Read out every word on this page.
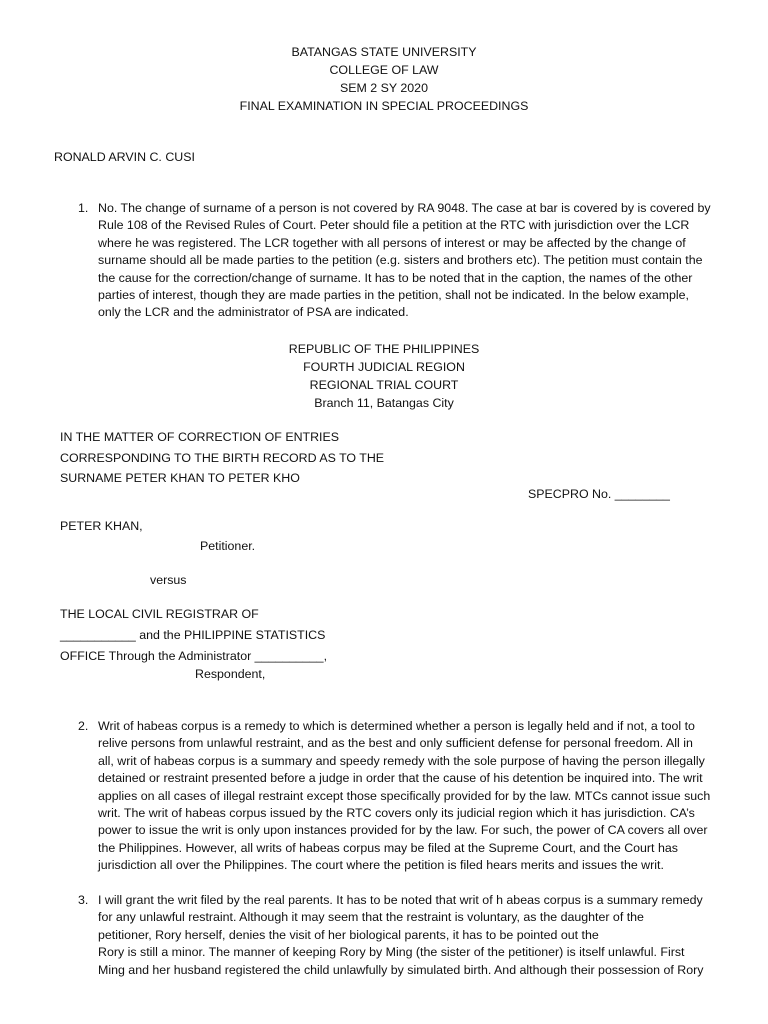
BATANGAS STATE UNIVERSITY
COLLEGE OF LAW
SEM 2 SY 2020
FINAL EXAMINATION IN SPECIAL PROCEEDINGS
RONALD ARVIN C. CUSI
1. No. The change of surname of a person is not covered by RA 9048. The case at bar is covered by is covered by
Rule 108 of the Revised Rules of Court. Peter should file a petition at the RTC with jurisdiction over the LCR
where he was registered. The LCR together with all persons of interest or may be affected by the change of
surname should all be made parties to the petition (e.g. sisters and brothers etc). The petition must contain the
the cause for the correction/change of surname. It has to be noted that in the caption, the names of the other
parties of interest, though they are made parties in the petition, shall not be indicated. In the below example,
only the LCR and the administrator of PSA are indicated.
REPUBLIC OF THE PHILIPPINES
FOURTH JUDICIAL REGION
REGIONAL TRIAL COURT
Branch 11, Batangas City
IN THE MATTER OF CORRECTION OF ENTRIES
CORRESPONDING TO THE BIRTH RECORD AS TO THE
SURNAME PETER KHAN TO PETER KHO
SPECPRO No. ________
PETER KHAN,
Petitioner.
versus
THE LOCAL CIVIL REGISTRAR OF
___________ and the PHILIPPINE STATISTICS
OFFICE Through the Administrator __________,
Respondent,
2. Writ of habeas corpus is a remedy to which is determined whether a person is legally held and if not, a tool to
relive persons from unlawful restraint, and as the best and only sufficient defense for personal freedom. All in
all, writ of habeas corpus is a summary and speedy remedy with the sole purpose of having the person illegally
detained or restraint presented before a judge in order that the cause of his detention be inquired into. The writ
applies on all cases of illegal restraint except those specifically provided for by the law. MTCs cannot issue such
writ. The writ of habeas corpus issued by the RTC covers only its judicial region which it has jurisdiction. CA’s
power to issue the writ is only upon instances provided for by the law. For such, the power of CA covers all over
the Philippines. However, all writs of habeas corpus may be filed at the Supreme Court, and the Court has
jurisdiction all over the Philippines. The court where the petition is filed hears merits and issues the writ.
3. I will grant the writ filed by the real parents. It has to be noted that writ of h abeas corpus is a summary remedy
for any unlawful restraint. Although it may seem that the restraint is voluntary, as the daughter of the
petitioner, Rory herself, denies the visit of her biological parents, it has to be pointed out the
Rory is still a minor. The manner of keeping Rory by Ming (the sister of the petitioner) is itself unlawful. First
Ming and her husband registered the child unlawfully by simulated birth. And although their possession of Rory
